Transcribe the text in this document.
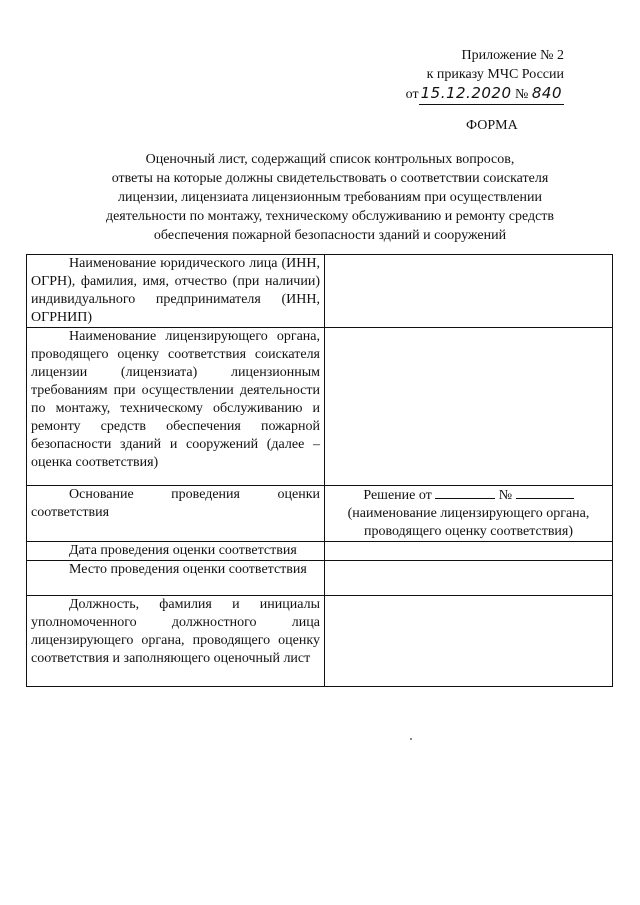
Приложение № 2
к приказу МЧС России
от 15.12.2020 № 840
ФОРМА
Оценочный лист, содержащий список контрольных вопросов,
ответы на которые должны свидетельствовать о соответствии соискателя
лицензии, лицензиата лицензионным требованиям при осуществлении
деятельности по монтажу, техническому обслуживанию и ремонту средств
обеспечения пожарной безопасности зданий и сооружений
Наименование юридического лица (ИНН, ОГРН), фамилия, имя, отчество (при наличии) индивидуального предпринимателя (ИНН, ОГРНИП)	
Наименование лицензирующего органа, проводящего оценку соответствия соискателя лицензии (лицензиата) лицензионным требованиям при осуществлении деятельности по монтажу, техническому обслуживанию и ремонту средств обеспечения пожарной безопасности зданий и сооружений (далее – оценка соответствия)	
Основание проведения оценки соответствия	Решение от №
(наименование лицензирующего органа, проводящего оценку соответствия)

Дата проведения оценки соответствия	
Место проведения оценки соответствия	
Должность, фамилия и инициалы уполномоченного должностного лица лицензирующего органа, проводящего оценку соответствия и заполняющего оценочный лист	
